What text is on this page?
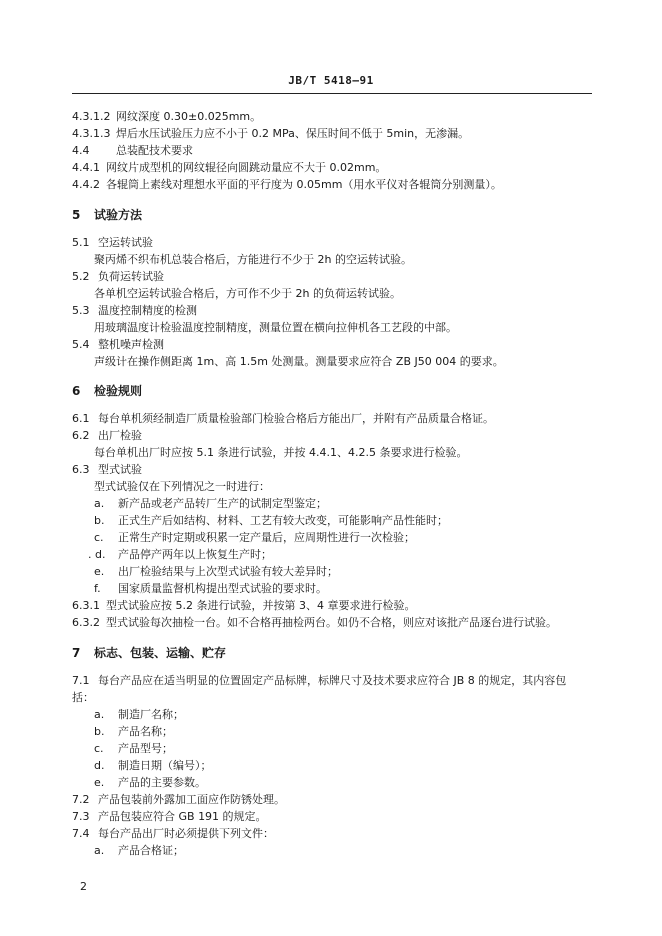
JB/T 5418—91
4.3.1.2 网纹深度 0.30±0.025mm。
4.3.1.3 焊后水压试验压力应不小于 0.2 MPa、保压时间不低于 5min，无渗漏。
4.4 总装配技术要求
4.4.1 网纹片成型机的网纹辊径向圆跳动量应不大于 0.02mm。
4.4.2 各辊筒上素线对理想水平面的平行度为 0.05mm（用水平仪对各辊筒分别测量）。
5 试验方法
5.1 空运转试验
聚丙烯不织布机总装合格后，方能进行不少于 2h 的空运转试验。
5.2 负荷运转试验
各单机空运转试验合格后，方可作不少于 2h 的负荷运转试验。
5.3 温度控制精度的检测
用玻璃温度计检验温度控制精度，测量位置在横向拉伸机各工艺段的中部。
5.4 整机噪声检测
声级计在操作侧距离 1m、高 1.5m 处测量。测量要求应符合 ZB J50 004 的要求。
6 检验规则
6.1 每台单机须经制造厂质量检验部门检验合格后方能出厂，并附有产品质量合格证。
6.2 出厂检验
每台单机出厂时应按 5.1 条进行试验，并按 4.4.1、4.2.5 条要求进行检验。
6.3 型式试验
型式试验仅在下列情况之一时进行：
a. 新产品或老产品转厂生产的试制定型鉴定；
b. 正式生产后如结构、材料、工艺有较大改变，可能影响产品性能时；
c. 正常生产时定期或积累一定产量后，应周期性进行一次检验；
. d. 产品停产两年以上恢复生产时；
e. 出厂检验结果与上次型式试验有较大差异时；
f. 国家质量监督机构提出型式试验的要求时。
6.3.1 型式试验应按 5.2 条进行试验，并按第 3、4 章要求进行检验。
6.3.2 型式试验每次抽检一台。如不合格再抽检两台。如仍不合格，则应对该批产品逐台进行试验。
7 标志、包装、运输、贮存
7.1 每台产品应在适当明显的位置固定产品标牌，标牌尺寸及技术要求应符合 JB 8 的规定，其内容包
括：
a. 制造厂名称；
b. 产品名称；
c. 产品型号；
d. 制造日期（编号）；
e. 产品的主要参数。
7.2 产品包装前外露加工面应作防锈处理。
7.3 产品包装应符合 GB 191 的规定。
7.4 每台产品出厂时必须提供下列文件：
a. 产品合格证；
2
